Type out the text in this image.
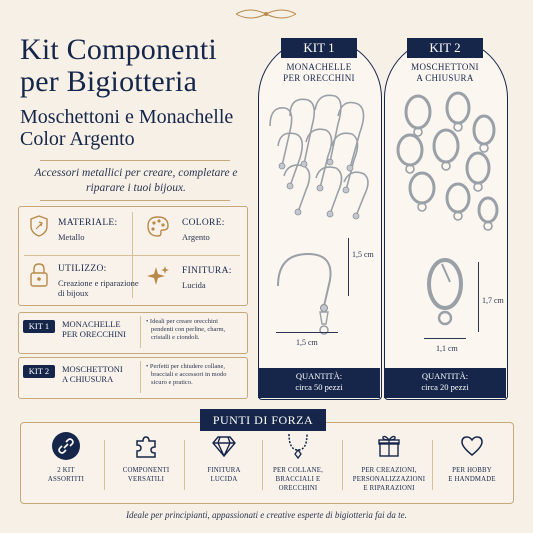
Kit Componenti
per Bigiotteria
Moschettoni e Monachelle
Color Argento
Accessori metallici per creare, completare e riparare i tuoi bijoux.
MATERIALE:
Metallo
COLORE:
Argento
UTILIZZO:
Creazione e riparazione
di bijoux
FINITURA:
Lucida
KIT 1	MONACHELLE
PER ORECCHINI
• Ideali per creare orecchini
pendenti con perline, charm,
cristalli e ciondoli.
KIT 2	MOSCHETTONI
A CHIUSURA
• Perfetti per chiudere collane,
bracciali e accessori in modo
sicuro e pratico.
KIT 1
MONACHELLE
PER ORECCHINI
1,5 cm
1,5 cm
QUANTITÀ:
circa 50 pezzi
KIT 2
MOSCHETTONI
A CHIUSURA
1,7 cm
1,1 cm
QUANTITÀ:
circa 20 pezzi
PUNTI DI FORZA
2 KIT
ASSORTITI
COMPONENTI
VERSATILI
FINITURA
LUCIDA
PER COLLANE,
BRACCIALI E
ORECCHINI
PER CREAZIONI,
PERSONALIZZAZIONI
E RIPARAZIONI
PER HOBBY
E HANDMADE
Ideale per principianti, appassionati e creative esperte di bigiotteria fai da te.
